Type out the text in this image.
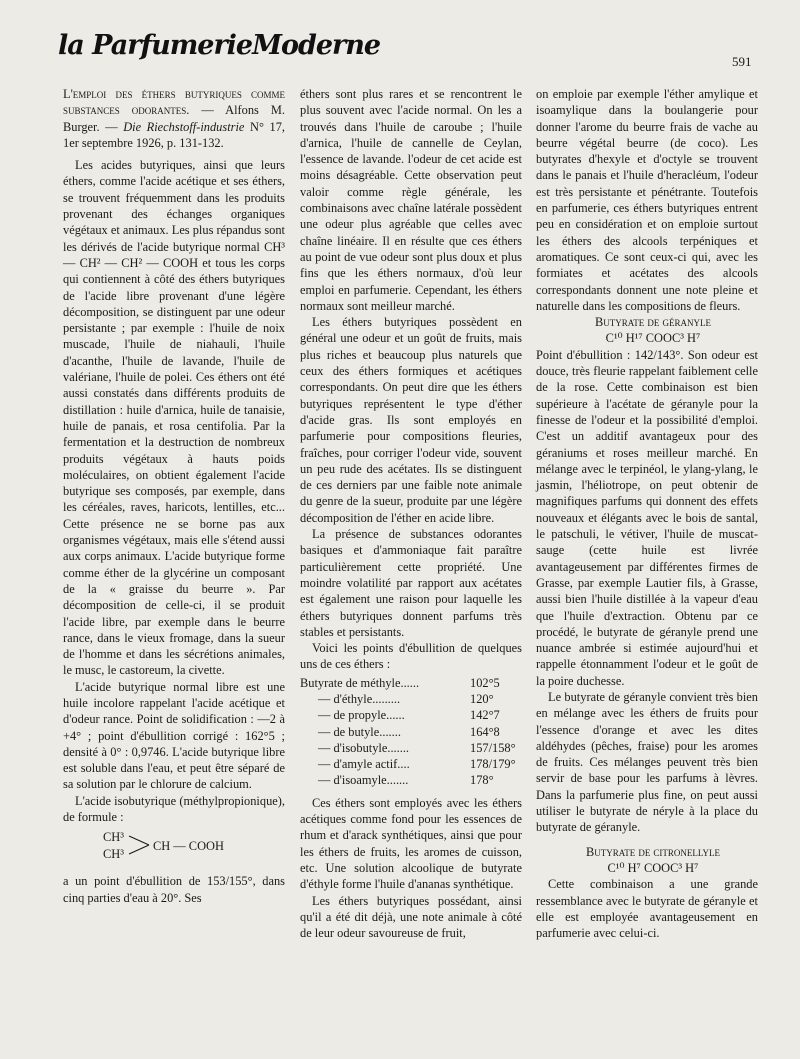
la ParfumerieModerne
591

L'emploi des éthers butyriques comme substances odorantes. — Alfons M. Burger. — Die Riechstoff-industrie N° 17, 1er septembre 1926, p. 131-132.

Les acides butyriques, ainsi que leurs éthers, comme l'acide acétique et ses éthers, se trouvent fréquemment dans les produits provenant des échanges organiques végétaux et animaux. Les plus répandus sont les dérivés de l'acide butyrique normal CH³ — CH² — CH² — COOH et tous les corps qui contiennent à côté des éthers butyriques de l'acide libre provenant d'une légère décomposition, se distinguent par une odeur persistante ; par exemple : l'huile de noix muscade, l'huile de niahauli, l'huile d'acanthe, l'huile de lavande, l'huile de valériane, l'huile de polei. Ces éthers ont été aussi constatés dans différents produits de distillation : huile d'arnica, huile de tanaisie, huile de panais, et rosa centifolia. Par la fermentation et la destruction de nombreux produits végétaux à hauts poids moléculaires, on obtient également l'acide butyrique ses composés, par exemple, dans les céréales, raves, haricots, lentilles, etc... Cette présence ne se borne pas aux organismes végétaux, mais elle s'étend aussi aux corps animaux. L'acide butyrique forme comme éther de la glycérine un composant de la « graisse du beurre ». Par décomposition de celle-ci, il se produit l'acide libre, par exemple dans le beurre rance, dans le vieux fromage, dans la sueur de l'homme et dans les sécrétions animales, le musc, le castoreum, la civette.

L'acide butyrique normal libre est une huile incolore rappelant l'acide acétique et d'odeur rance. Point de solidification : —2 à +4° ; point d'ébullition corrigé : 162°5 ; densité à 0° : 0,9746. L'acide butyrique libre est soluble dans l'eau, et peut être séparé de sa solution par le chlorure de calcium.

L'acide isobutyrique (méthylpropionique), de formule :

CH³
CH³
CH — COOH

a un point d'ébullition de 153/155°, dans cinq parties d'eau à 20°. Ses

éthers sont plus rares et se rencontrent le plus souvent avec l'acide normal. On les a trouvés dans l'huile de caroube ; l'huile d'arnica, l'huile de cannelle de Ceylan, l'essence de lavande. l'odeur de cet acide est moins désagréable. Cette observation peut valoir comme règle générale, les combinaisons avec chaîne latérale possèdent une odeur plus agréable que celles avec chaîne linéaire. Il en résulte que ces éthers au point de vue odeur sont plus doux et plus fins que les éthers normaux, d'où leur emploi en parfumerie. Cependant, les éthers normaux sont meilleur marché.

Les éthers butyriques possèdent en général une odeur et un goût de fruits, mais plus riches et beaucoup plus naturels que ceux des éthers formiques et acétiques correspondants. On peut dire que les éthers butyriques représentent le type d'éther d'acide gras. Ils sont employés en parfumerie pour compositions fleuries, fraîches, pour corriger l'odeur vide, souvent un peu rude des acétates. Ils se distinguent de ces derniers par une faible note animale du genre de la sueur, produite par une légère décomposition de l'éther en acide libre.

La présence de substances odorantes basiques et d'ammoniaque fait paraître particulièrement cette propriété. Une moindre volatilité par rapport aux acétates est également une raison pour laquelle les éthers butyriques donnent parfums très stables et persistants.

Voici les points d'ébullition de quelques uns de ces éthers :

Butyrate de méthyle......	102°5
— d'éthyle.........	120°
— de propyle......	142°7
— de butyle.......	164°8
— d'isobutyle.......	157/158°
— d'amyle actif....	178/179°
— d'isoamyle.......	178°

Ces éthers sont employés avec les éthers acétiques comme fond pour les essences de rhum et d'arack synthétiques, ainsi que pour les éthers de fruits, les aromes de cuisson, etc. Une solution alcoolique de butyrate d'éthyle forme l'huile d'ananas synthétique.

Les éthers butyriques possédant, ainsi qu'il a été dit déjà, une note animale à côté de leur odeur savoureuse de fruit,

on emploie par exemple l'éther amylique et isoamylique dans la boulangerie pour donner l'arome du beurre frais de vache au beurre végétal beurre (de coco). Les butyrates d'hexyle et d'octyle se trouvent dans le panais et l'huile d'heracléum, l'odeur est très persistante et pénétrante. Toutefois en parfumerie, ces éthers butyriques entrent peu en considération et on emploie surtout les éthers des alcools terpéniques et aromatiques. Ce sont ceux-ci qui, avec les formiates et acétates des alcools correspondants donnent une note pleine et naturelle dans les compositions de fleurs.

Butyrate de géranyle

C¹⁰ H¹⁷ COOC³ H⁷

Point d'ébullition : 142/143°. Son odeur est douce, très fleurie rappelant faiblement celle de la rose. Cette combinaison est bien supérieure à l'acétate de géranyle pour la finesse de l'odeur et la possibilité d'emploi. C'est un additif avantageux pour des géraniums et roses meilleur marché. En mélange avec le terpinéol, le ylang-ylang, le jasmin, l'héliotrope, on peut obtenir de magnifiques parfums qui donnent des effets nouveaux et élégants avec le bois de santal, le patschuli, le vétiver, l'huile de muscat-sauge (cette huile est livrée avantageusement par différentes firmes de Grasse, par exemple Lautier fils, à Grasse, aussi bien l'huile distillée à la vapeur d'eau que l'huile d'extraction. Obtenu par ce procédé, le butyrate de géranyle prend une nuance ambrée si estimée aujourd'hui et rappelle étonnamment l'odeur et le goût de la poire duchesse.

Le butyrate de géranyle convient très bien en mélange avec les éthers de fruits pour l'essence d'orange et avec les dites aldéhydes (pêches, fraise) pour les aromes de fruits. Ces mélanges peuvent très bien servir de base pour les parfums à lèvres. Dans la parfumerie plus fine, on peut aussi utiliser le butyrate de néryle à la place du butyrate de géranyle.

Butyrate de citronellyle

C¹⁰ H⁷ COOC³ H⁷

Cette combinaison a une grande ressemblance avec le butyrate de géranyle et elle est employée avantageusement en parfumerie avec celui-ci.
